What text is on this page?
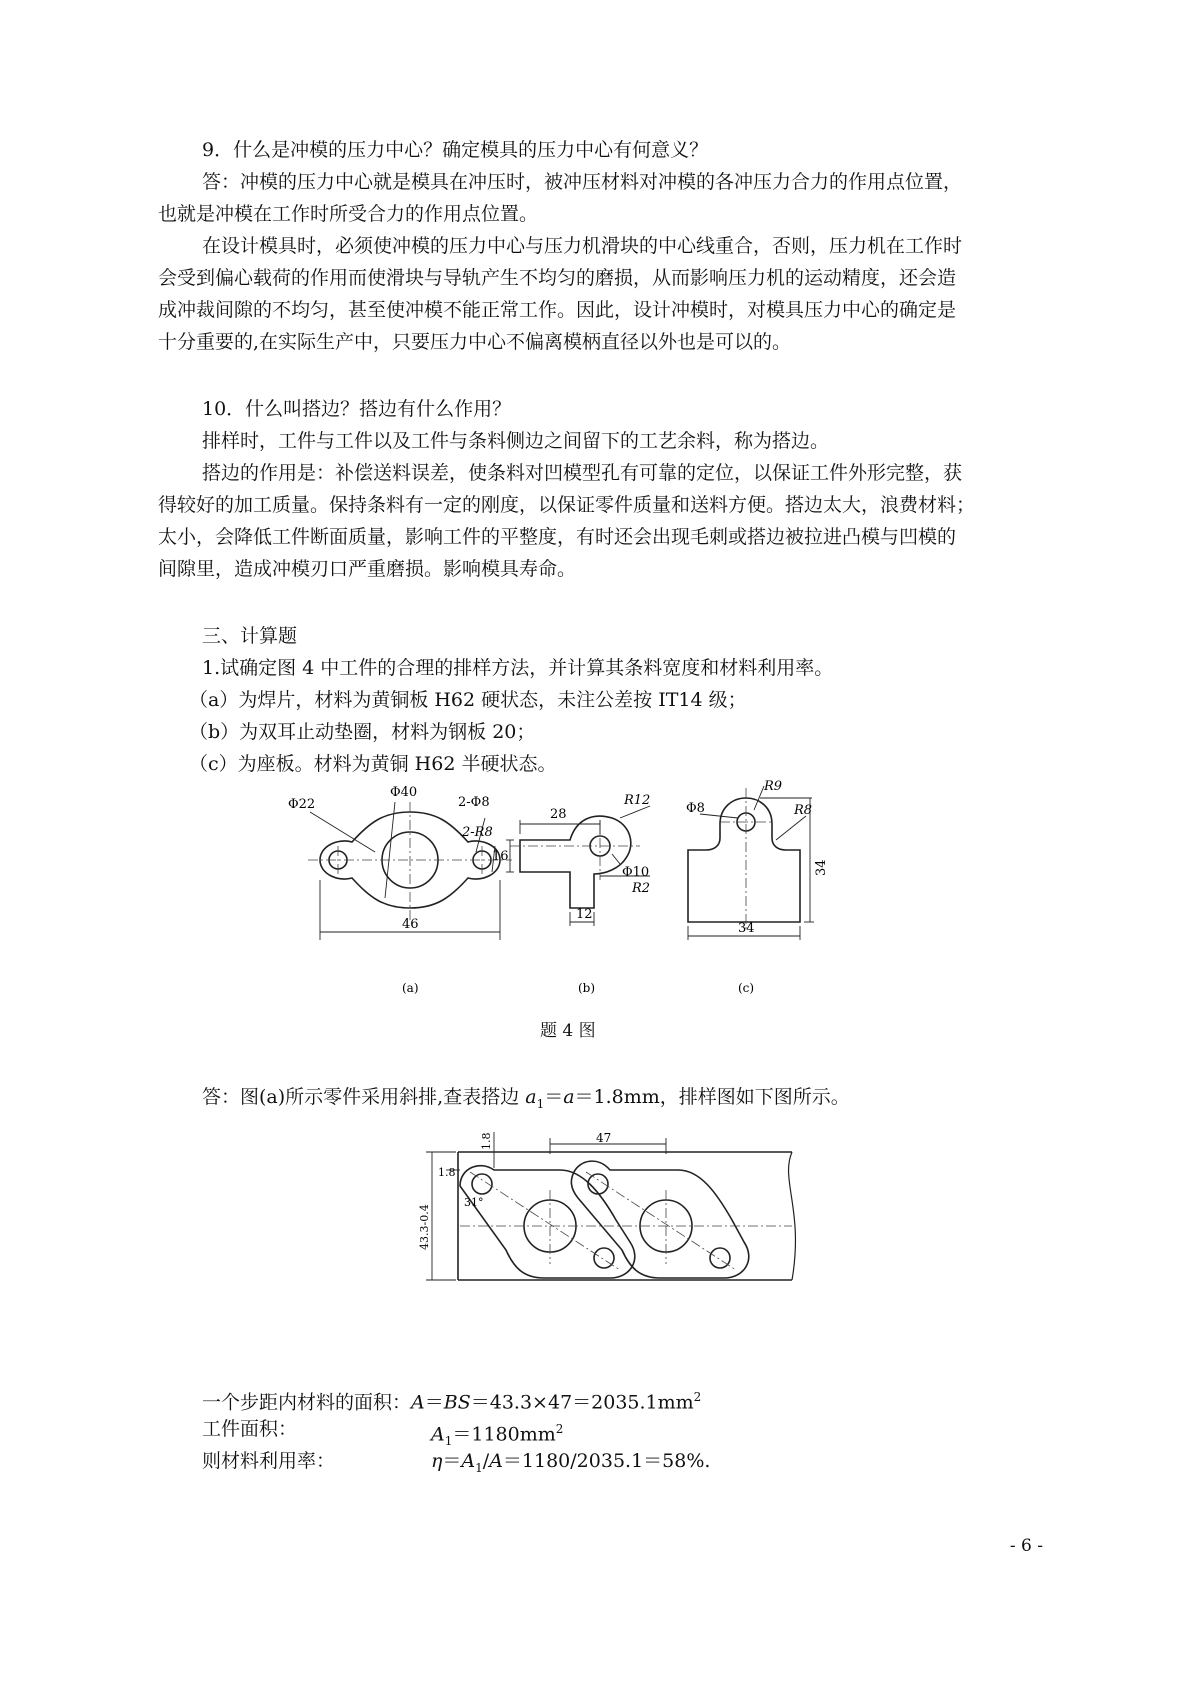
9．什么是冲模的压力中心？确定模具的压力中心有何意义？
答：冲模的压力中心就是模具在冲压时，被冲压材料对冲模的各冲压力合力的作用点位置，
也就是冲模在工作时所受合力的作用点位置。
在设计模具时，必须使冲模的压力中心与压力机滑块的中心线重合，否则，压力机在工作时
会受到偏心载荷的作用而使滑块与导轨产生不均匀的磨损，从而影响压力机的运动精度，还会造
成冲裁间隙的不均匀，甚至使冲模不能正常工作。因此，设计冲模时，对模具压力中心的确定是
十分重要的,在实际生产中，只要压力中心不偏离模柄直径以外也是可以的。
10．什么叫搭边？搭边有什么作用？
排样时，工件与工件以及工件与条料侧边之间留下的工艺余料，称为搭边。
搭边的作用是：补偿送料误差，使条料对凹模型孔有可靠的定位，以保证工件外形完整，获
得较好的加工质量。保持条料有一定的刚度，以保证零件质量和送料方便。搭边太大，浪费材料；
太小，会降低工件断面质量，影响工件的平整度，有时还会出现毛刺或搭边被拉进凸模与凹模的
间隙里，造成冲模刃口严重磨损。影响模具寿命。
三、计算题
1.试确定图 4 中工件的合理的排样方法，并计算其条料宽度和材料利用率。
（a）为焊片，材料为黄铜板 H62 硬状态，未注公差按 IT14 级；
（b）为双耳止动垫圈，材料为钢板 20；
（c）为座板。材料为黄铜 H62 半硬状态。
Φ22
Φ40
2-Φ8
2-R8
46
(a)
28
R12
16
Φ10
R2
12
(b)
Φ8
R9
R8
34
34
(c)
题 4 图
答：图(a)所示零件采用斜排,查表搭边 $a_1=a=1.8mm$，排样图如下图所示。
47
1.8
1.8
31°
43.3-0.4
一个步距内材料的面积：$A=BS=43.3\times 47=2035.1mm^2$
工件面积：	$A_1=1180mm^2$
则材料利用率：	$\eta=A_1/A=1180/2035.1=58\%$.
- 6 -
